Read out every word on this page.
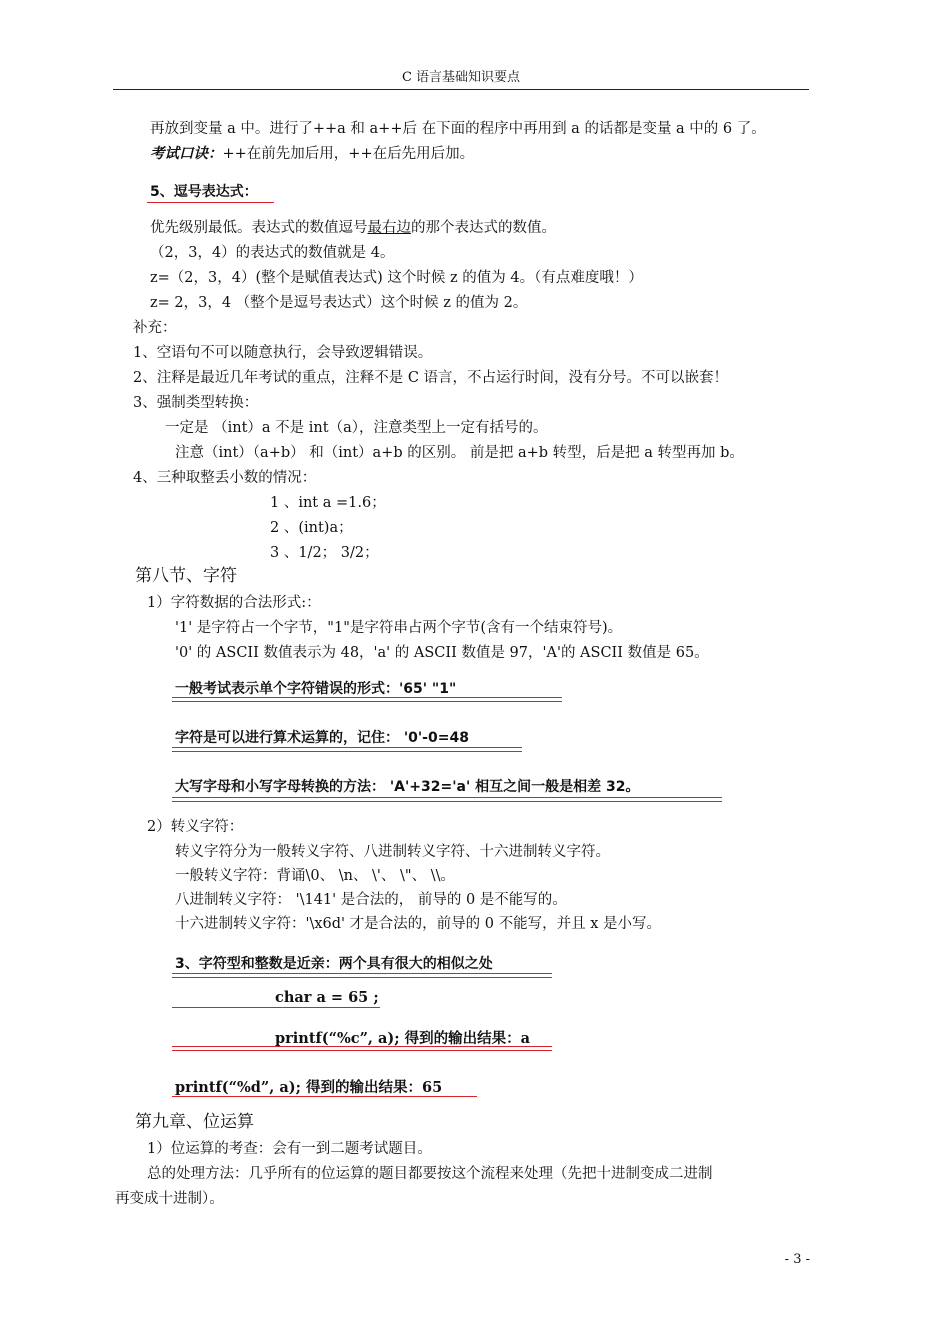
C 语言基础知识要点
再放到变量 a 中。进行了++a 和 a++后 在下面的程序中再用到 a 的话都是变量 a 中的 6 了。
考试口诀：++在前先加后用，++在后先用后加。
5、逗号表达式：
优先级别最低。表达式的数值逗号最右边的那个表达式的数值。
（2，3，4）的表达式的数值就是 4。
z=（2，3，4）(整个是赋值表达式) 这个时候 z 的值为 4。（有点难度哦！）
z= 2，3，4 （整个是逗号表达式）这个时候 z 的值为 2。
补充：
1、空语句不可以随意执行，会导致逻辑错误。
2、注释是最近几年考试的重点，注释不是 C 语言，不占运行时间，没有分号。不可以嵌套！
3、强制类型转换：
一定是 （int）a 不是 int（a），注意类型上一定有括号的。
注意（int）（a+b） 和（int）a+b 的区别。 前是把 a+b 转型，后是把 a 转型再加 b。
4、三种取整丢小数的情况：
1 、int a =1.6；
2 、(int)a；
3 、1/2； 3/2；
第八节、字符
1）字符数据的合法形式:：
'1' 是字符占一个字节，"1"是字符串占两个字节(含有一个结束符号)。
'0' 的 ASCII 数值表示为 48，'a' 的 ASCII 数值是 97，'A'的 ASCII 数值是 65。
一般考试表示单个字符错误的形式：'65' "1"
字符是可以进行算术运算的，记住： '0'-0=48
大写字母和小写字母转换的方法： 'A'+32='a' 相互之间一般是相差 32。
2）转义字符：
转义字符分为一般转义字符、八进制转义字符、十六进制转义字符。
一般转义字符：背诵\0、 \n、 \'、 \"、 \\。
八进制转义字符： '\141' 是合法的， 前导的 0 是不能写的。
十六进制转义字符：'\x6d' 才是合法的，前导的 0 不能写，并且 x 是小写。
3、字符型和整数是近亲：两个具有很大的相似之处
char a = 65 ;
printf(“%c”, a); 得到的输出结果：a
printf(“%d”, a); 得到的输出结果：65
第九章、位运算
1）位运算的考查：会有一到二题考试题目。
总的处理方法：几乎所有的位运算的题目都要按这个流程来处理（先把十进制变成二进制
再变成十进制）。
- 3 -
